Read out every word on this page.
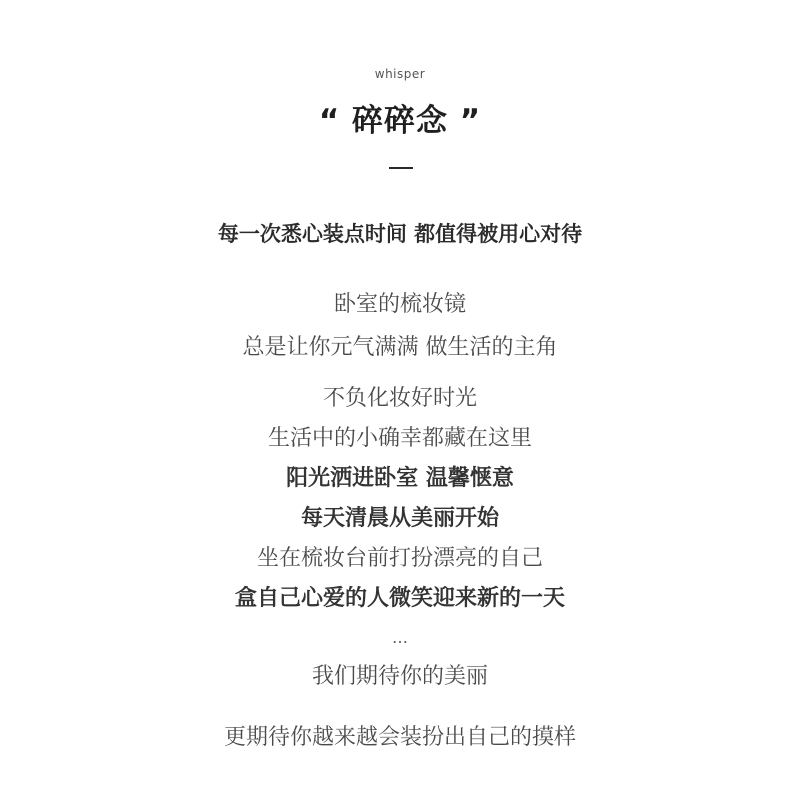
whisper
“ 碎碎念 ”
每一次悉心装点时间 都值得被用心对待
卧室的梳妆镜
总是让你元气满满 做生活的主角
不负化妆好时光
生活中的小确幸都藏在这里
阳光洒进卧室 温馨惬意
每天清晨从美丽开始
坐在梳妆台前打扮漂亮的自己
盒自己心爱的人微笑迎来新的一天
…
我们期待你的美丽
更期待你越来越会装扮出自己的摸样
